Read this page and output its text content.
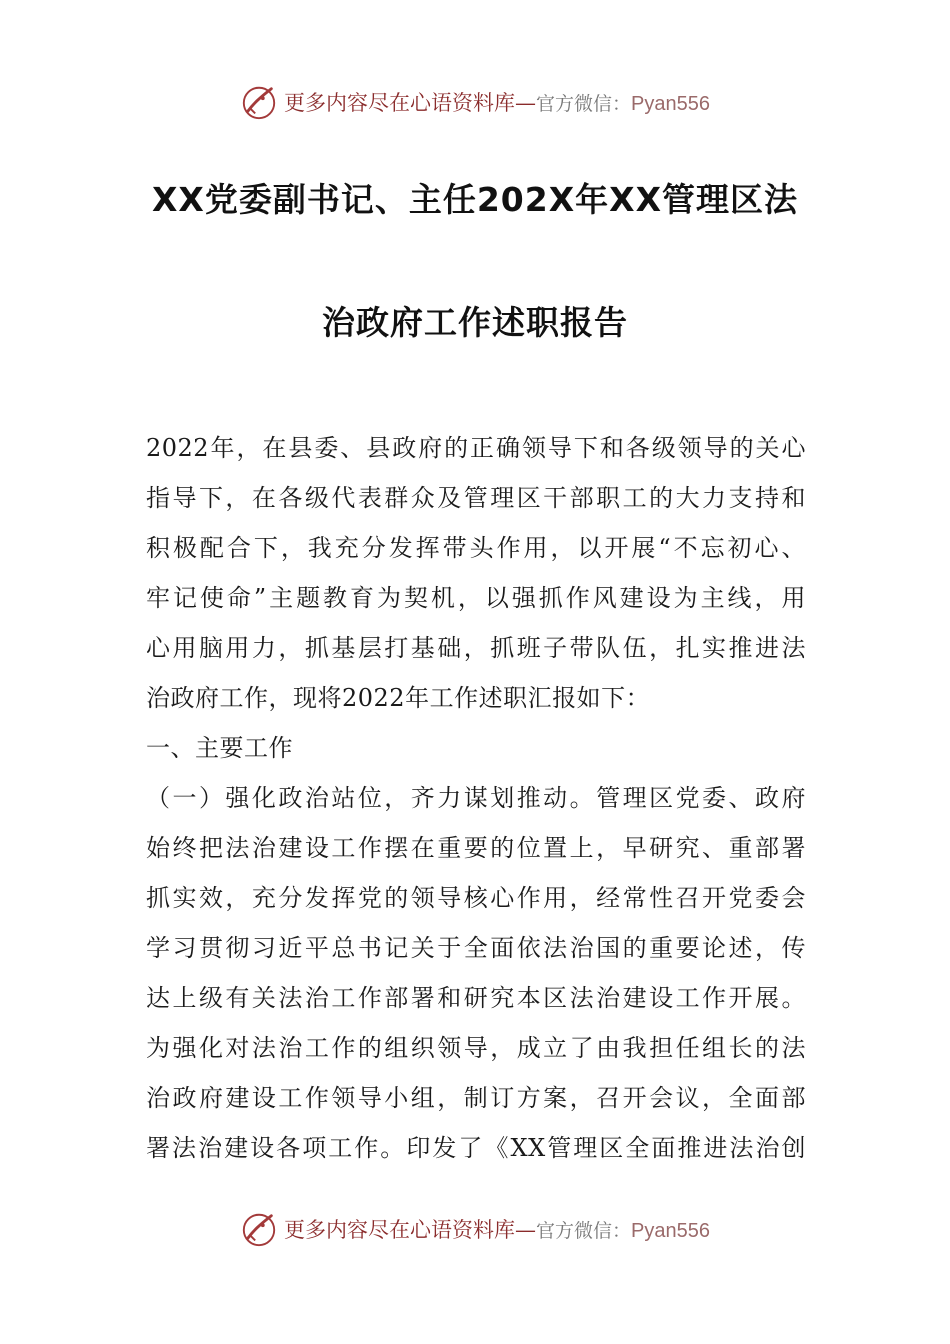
更多内容尽在心语资料库—官方微信：Pyan556
XX党委副书记、主任202X年XX管理区法
治政府工作述职报告
2022年，在县委、县政府的正确领导下和各级领导的关心
指导下，在各级代表群众及管理区干部职工的大力支持和
积极配合下，我充分发挥带头作用，以开展“不忘初心、
牢记使命”主题教育为契机，以强抓作风建设为主线，用
心用脑用力，抓基层打基础，抓班子带队伍，扎实推进法
治政府工作，现将2022年工作述职汇报如下：
一、主要工作
（一）强化政治站位，齐力谋划推动。管理区党委、政府
始终把法治建设工作摆在重要的位置上，早研究、重部署
抓实效，充分发挥党的领导核心作用，经常性召开党委会
学习贯彻习近平总书记关于全面依法治国的重要论述，传
达上级有关法治工作部署和研究本区法治建设工作开展。
为强化对法治工作的组织领导，成立了由我担任组长的法
治政府建设工作领导小组，制订方案，召开会议，全面部
署法治建设各项工作。印发了《XX管理区全面推进法治创
更多内容尽在心语资料库—官方微信：Pyan556
